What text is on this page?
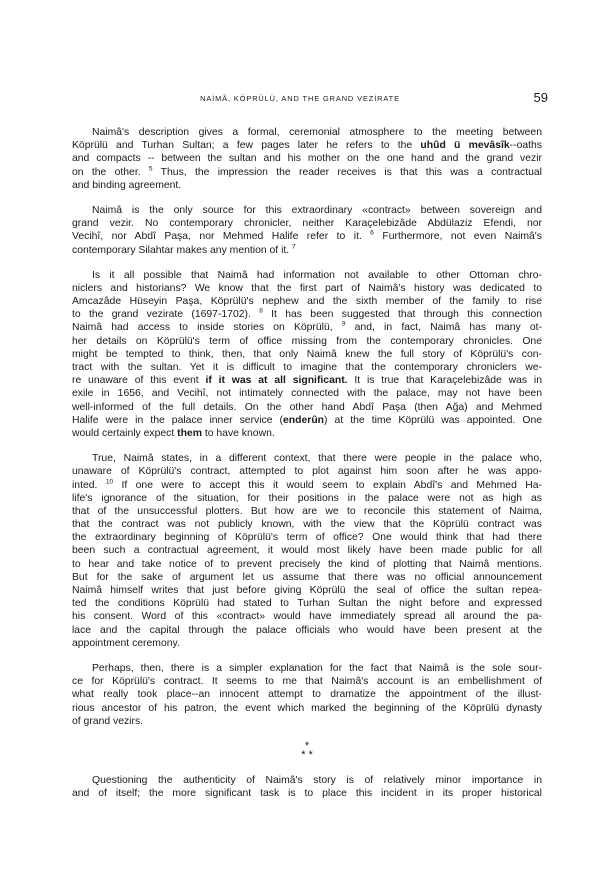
NAİMÂ, KÖPRÜLÜ, AND THE GRAND VEZİRATE	59
Naimâ's description gives a formal, ceremonial atmosphere to the meeting between
Köprülü and Turhan Sultan; a few pages later he refers to the uhûd ü mevâsîk--oaths
and compacts -- between the sultan and his mother on the one hand and the grand vezir
on the other. $^5$ Thus, the impression the reader receives is that this was a contractual
and binding agreement.
Naimâ is the only source for this extraordinary «contract» between sovereign and
grand vezir. No contemporary chronicler, neither Karaçelebizâde Abdülaziz Efendi, nor
Vecihî, nor Abdî Paşa, nor Mehmed Halife refer to it. $^6$ Furthermore, not even Naimâ's
contemporary Silahtar makes any mention of it. $^7$
Is it all possible that Naimâ had information not available to other Ottoman chro-
niclers and historians? We know that the first part of Naimâ's history was dedicated to
Amcazâde Hüseyin Paşa, Köprülü's nephew and the sixth member of the family to rise
to the grand vezirate (1697-1702). $^8$ It has been suggested that through this connection
Naimâ had access to inside stories on Köprülü, $^9$ and, in fact, Naimâ has many ot-
her details on Köprülü's term of office missing from the contemporary chronicles. One
might be tempted to think, then, that only Naimâ knew the full story of Köprülü's con-
tract with the sultan. Yet it is difficult to imagine that the contemporary chroniclers we-
re unaware of this event if it was at all significant. It is true that Karaçelebizâde was in
exile in 1656, and Vecihî, not intimately connected with the palace, may not have been
well-informed of the full details. On the other hand Abdî Paşa (then Ağa) and Mehmed
Halife were in the palace inner service (enderûn) at the time Köprülü was appointed. One
would certainly expect them to have known.
True, Naimâ states, in a different context, that there were people in the palace who,
unaware of Köprülü's contract, attempted to plot against him soon after he was appo-
inted. $^{10}$ If one were to accept this it would seem to explain Abdî's and Mehmed Ha-
life's ignorance of the situation, for their positions in the palace were not as high as
that of the unsuccessful plotters. But how are we to reconcile this statement of Naima,
that the contract was not publicly known, with the view that the Köprülü contract was
the extraordinary beginning of Köprülü's term of office? One would think that had there
been such a contractual agreement, it would most likely have been made public for all
to hear and take notice of to prevent precisely the kind of plotting that Naimâ mentions.
But for the sake of argument let us assume that there was no official announcement
Naimâ himself writes that just before giving Köprülü the seal of office the sultan repea-
ted the conditions Köprülü had stated to Turhan Sultan the night before and expressed
his consent. Word of this «contract» would have immediately spread all around the pa-
lace and the capital through the palace officials who would have been present at the
appointment ceremony.
Perhaps, then, there is a simpler explanation for the fact that Naimâ is the sole sour-
ce for Köprülü's contract. It seems to me that Naimâ's account is an embellishment of
what really took place--an innocent attempt to dramatize the appointment of the illust-
rious ancestor of his patron, the event which marked the beginning of the Köprülü dynasty
of grand vezirs.
*
* *
Questioning the authenticity of Naimâ's story is of relatively minor importance in
and of itself; the more significant task is to place this incident in its proper historical
